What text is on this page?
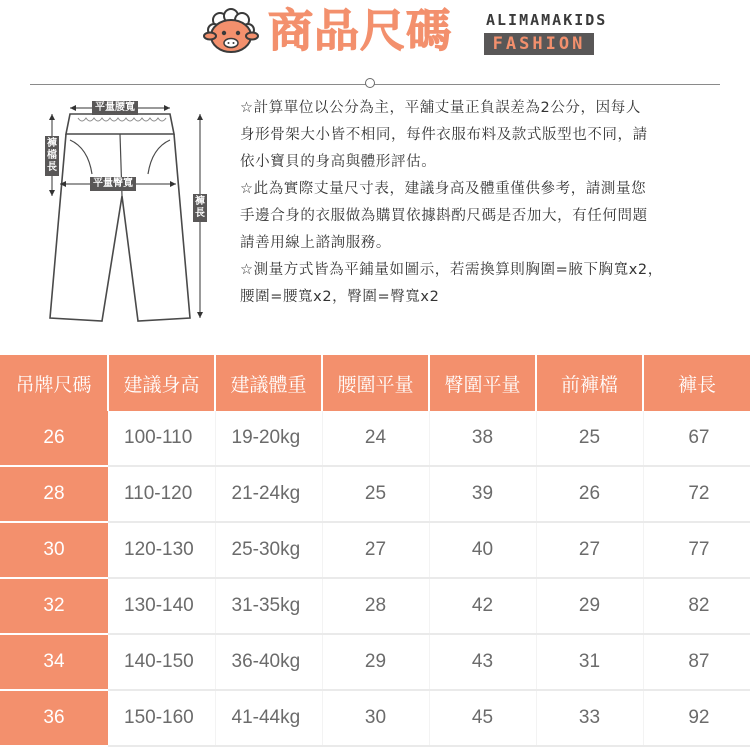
商品尺碼 ALIMAMAKIDS
FASHION
平量腰寬
平量臀寬
褲檔長
褲長

☆計算單位以公分為主，平舖丈量正負誤差為2公分，因每人

身形骨架大小皆不相同，每件衣服布料及款式版型也不同，請

依小寶貝的身高與體形評估。

☆此為實際丈量尺寸表，建議身高及體重僅供參考，請測量您

手邊合身的衣服做為購買依據斟酌尺碼是否加大，有任何問題

請善用線上諮詢服務。

☆測量方式皆為平鋪量如圖示，若需換算則胸圍=腋下胸寬x2，

腰圍=腰寬x2，臀圍=臀寬x2

吊牌尺碼	建議身高	建議體重	腰圍平量	臀圍平量	前褲檔	褲長
26	100-110	19-20kg	24	38	25	67
28	110-120	21-24kg	25	39	26	72
30	120-130	25-30kg	27	40	27	77
32	130-140	31-35kg	28	42	29	82
34	140-150	36-40kg	29	43	31	87
36	150-160	41-44kg	30	45	33	92
